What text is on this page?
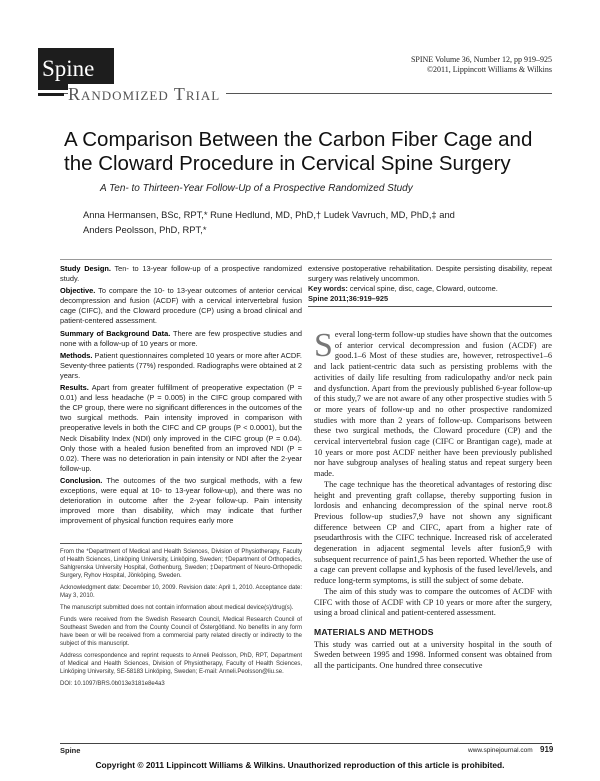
Spine	SPINE Volume 36, Number 12, pp 919–925
©2011, Lippincott Williams & Wilkins
Randomized Trial
A Comparison Between the Carbon Fiber Cage and the Cloward Procedure in Cervical Spine Surgery
A Ten- to Thirteen-Year Follow-Up of a Prospective Randomized Study
Anna Hermansen, BSc, RPT,* Rune Hedlund, MD, PhD,† Ludek Vavruch, MD, PhD,‡ and
Anders Peolsson, PhD, RPT,*

Study Design. Ten- to 13-year follow-up of a prospective randomized study.

Objective. To compare the 10- to 13-year outcomes of anterior cervical decompression and fusion (ACDF) with a cervical intervertebral fusion cage (CIFC), and the Cloward procedure (CP) using a broad clinical and patient-centered assessment.

Summary of Background Data. There are few prospective studies and none with a follow-up of 10 years or more.

Methods. Patient questionnaires completed 10 years or more after ACDF. Seventy-three patients (77%) responded. Radiographs were obtained at 2 years.

Results. Apart from greater fulfillment of preoperative expectation (P = 0.01) and less headache (P = 0.005) in the CIFC group compared with the CP group, there were no significant differences in the outcomes of the two surgical methods. Pain intensity improved in comparison with preoperative levels in both the CIFC and CP groups (P < 0.0001), but the Neck Disability Index (NDI) only improved in the CIFC group (P = 0.04). Only those with a healed fusion benefited from an improved NDI (P = 0.02). There was no deterioration in pain intensity or NDI after the 2-year follow-up.

Conclusion. The outcomes of the two surgical methods, with a few exceptions, were equal at 10- to 13-year follow-up), and there was no deterioration in outcome after the 2-year follow-up. Pain intensity improved more than disability, which may indicate that further improvement of physical function requires early more

extensive postoperative rehabilitation. Despite persisting disability, repeat surgery was relatively uncommon.

Key words: cervical spine, disc, cage, Cloward, outcome.

Spine 2011;36:919–925

From the *Department of Medical and Health Sciences, Division of Physiotherapy, Faculty of Health Sciences, Linköping University, Linköping, Sweden; †Department of Orthopedics, Sahlgrenska University Hospital, Gothenburg, Sweden; ‡Department of Neuro-Orthopedic Surgery, Ryhov Hospital, Jönköping, Sweden.

Acknowledgment date: December 10, 2009. Revision date: April 1, 2010. Acceptance date: May 3, 2010.

The manuscript submitted does not contain information about medical device(s)/drug(s).

Funds were received from the Swedish Research Council, Medical Research Council of Southeast Sweden and from the County Council of Östergötland. No benefits in any form have been or will be received from a commercial party related directly or indirectly to the subject of this manuscript.

Address correspondence and reprint requests to Anneli Peolsson, PhD, RPT, Department of Medical and Health Sciences, Division of Physiotherapy, Faculty of Health Sciences, Linköping University, SE-58183 Linköping, Sweden; E-mail: Anneli.Peolsson@liu.se.

DOI: 10.1097/BRS.0b013e3181e8e4a3

Several long-term follow-up studies have shown that the outcomes of anterior cervical decompression and fusion (ACDF) are good.1–6 Most of these studies are, however, retrospective1–6 and lack patient-centric data such as persisting problems with the activities of daily life resulting from radiculopathy and/or neck pain and dysfunction. Apart from the previously published 6-year follow-up of this study,7 we are not aware of any other prospective studies with 5 or more years of follow-up and no other prospective randomized studies with more than 2 years of follow-up. Comparisons between these two surgical methods, the Cloward procedure (CP) and the cervical intervertebral fusion cage (CIFC or Brantigan cage), made at 10 years or more post ACDF neither have been previously published nor have subgroup analyses of healing status and repeat surgery been made.

The cage technique has the theoretical advantages of restoring disc height and preventing graft collapse, thereby supporting fusion in lordosis and enhancing decompression of the spinal nerve root.8 Previous follow-up studies7,9 have not shown any significant difference between CP and CIFC, apart from a higher rate of pseudarthrosis with the CIFC technique. Increased risk of accelerated degeneration in adjacent segmental levels after fusion5,9 with subsequent recurrence of pain1,5 has been reported. Whether the use of a cage can prevent collapse and kyphosis of the fused level/levels, and reduce long-term symptoms, is still the subject of some debate.

The aim of this study was to compare the outcomes of ACDF with CIFC with those of ACDF with CP 10 years or more after the surgery, using a broad clinical and patient-centered assessment.

MATERIALS AND METHODS

This study was carried out at a university hospital in the south of Sweden between 1995 and 1998. Informed consent was obtained from all the participants. One hundred three consecutive

Spine	www.spinejournal.com 919
Copyright © 2011 Lippincott Williams & Wilkins. Unauthorized reproduction of this article is prohibited.
